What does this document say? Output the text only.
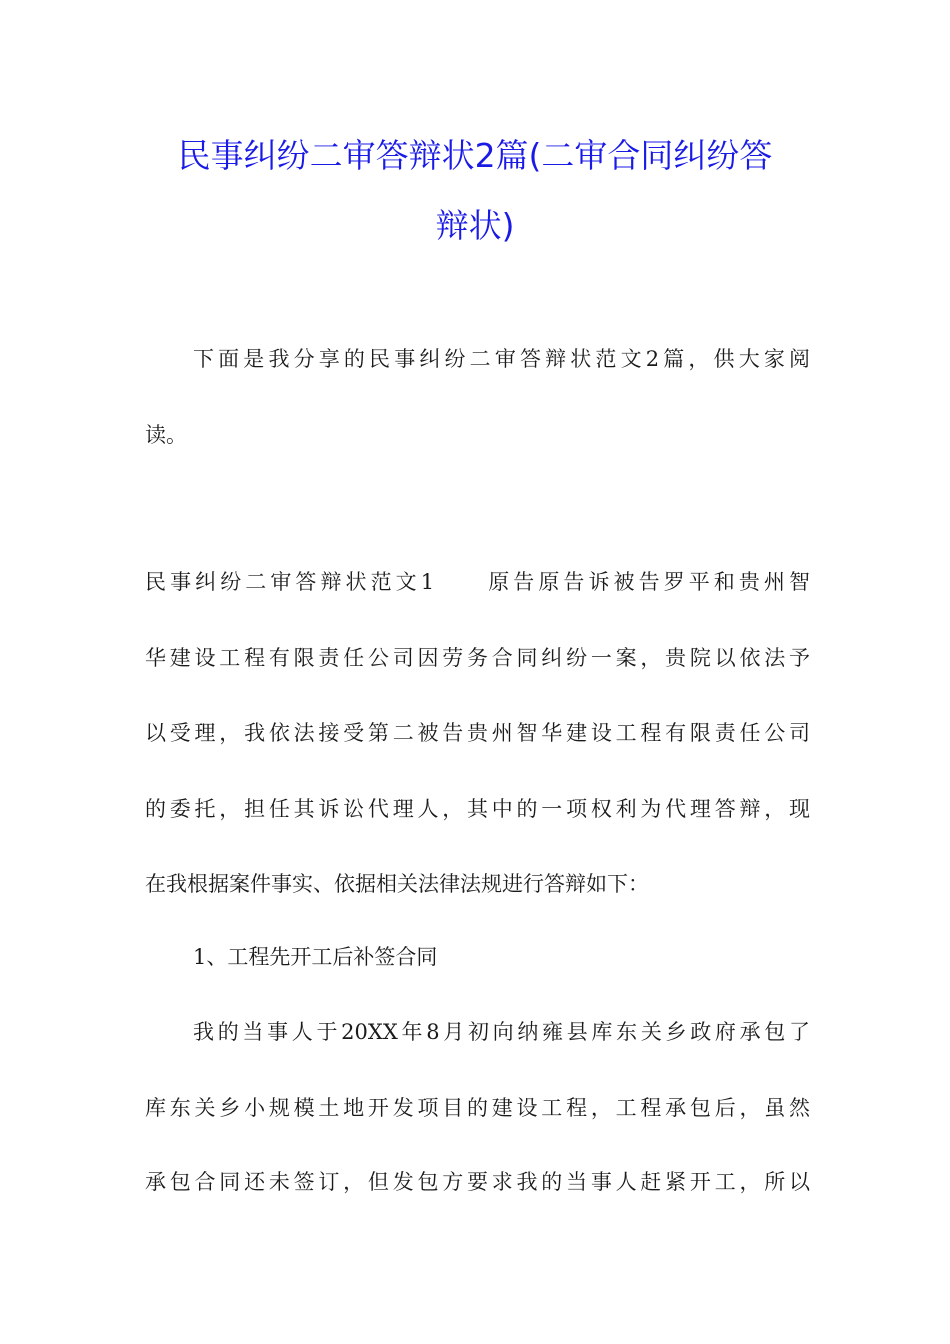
民事纠纷二审答辩状2篇(二审合同纠纷答
辩状)
下面是我分享的民事纠纷二审答辩状范文2篇，供大家阅
读。
民事纠纷二审答辩状范文1　　原告原告诉被告罗平和贵州智
华建设工程有限责任公司因劳务合同纠纷一案，贵院以依法予
以受理，我依法接受第二被告贵州智华建设工程有限责任公司
的委托，担任其诉讼代理人，其中的一项权利为代理答辩，现
在我根据案件事实、依据相关法律法规进行答辩如下：
1、工程先开工后补签合同
我的当事人于20XX年8月初向纳雍县库东关乡政府承包了
库东关乡小规模土地开发项目的建设工程，工程承包后，虽然
承包合同还未签订，但发包方要求我的当事人赶紧开工，所以
